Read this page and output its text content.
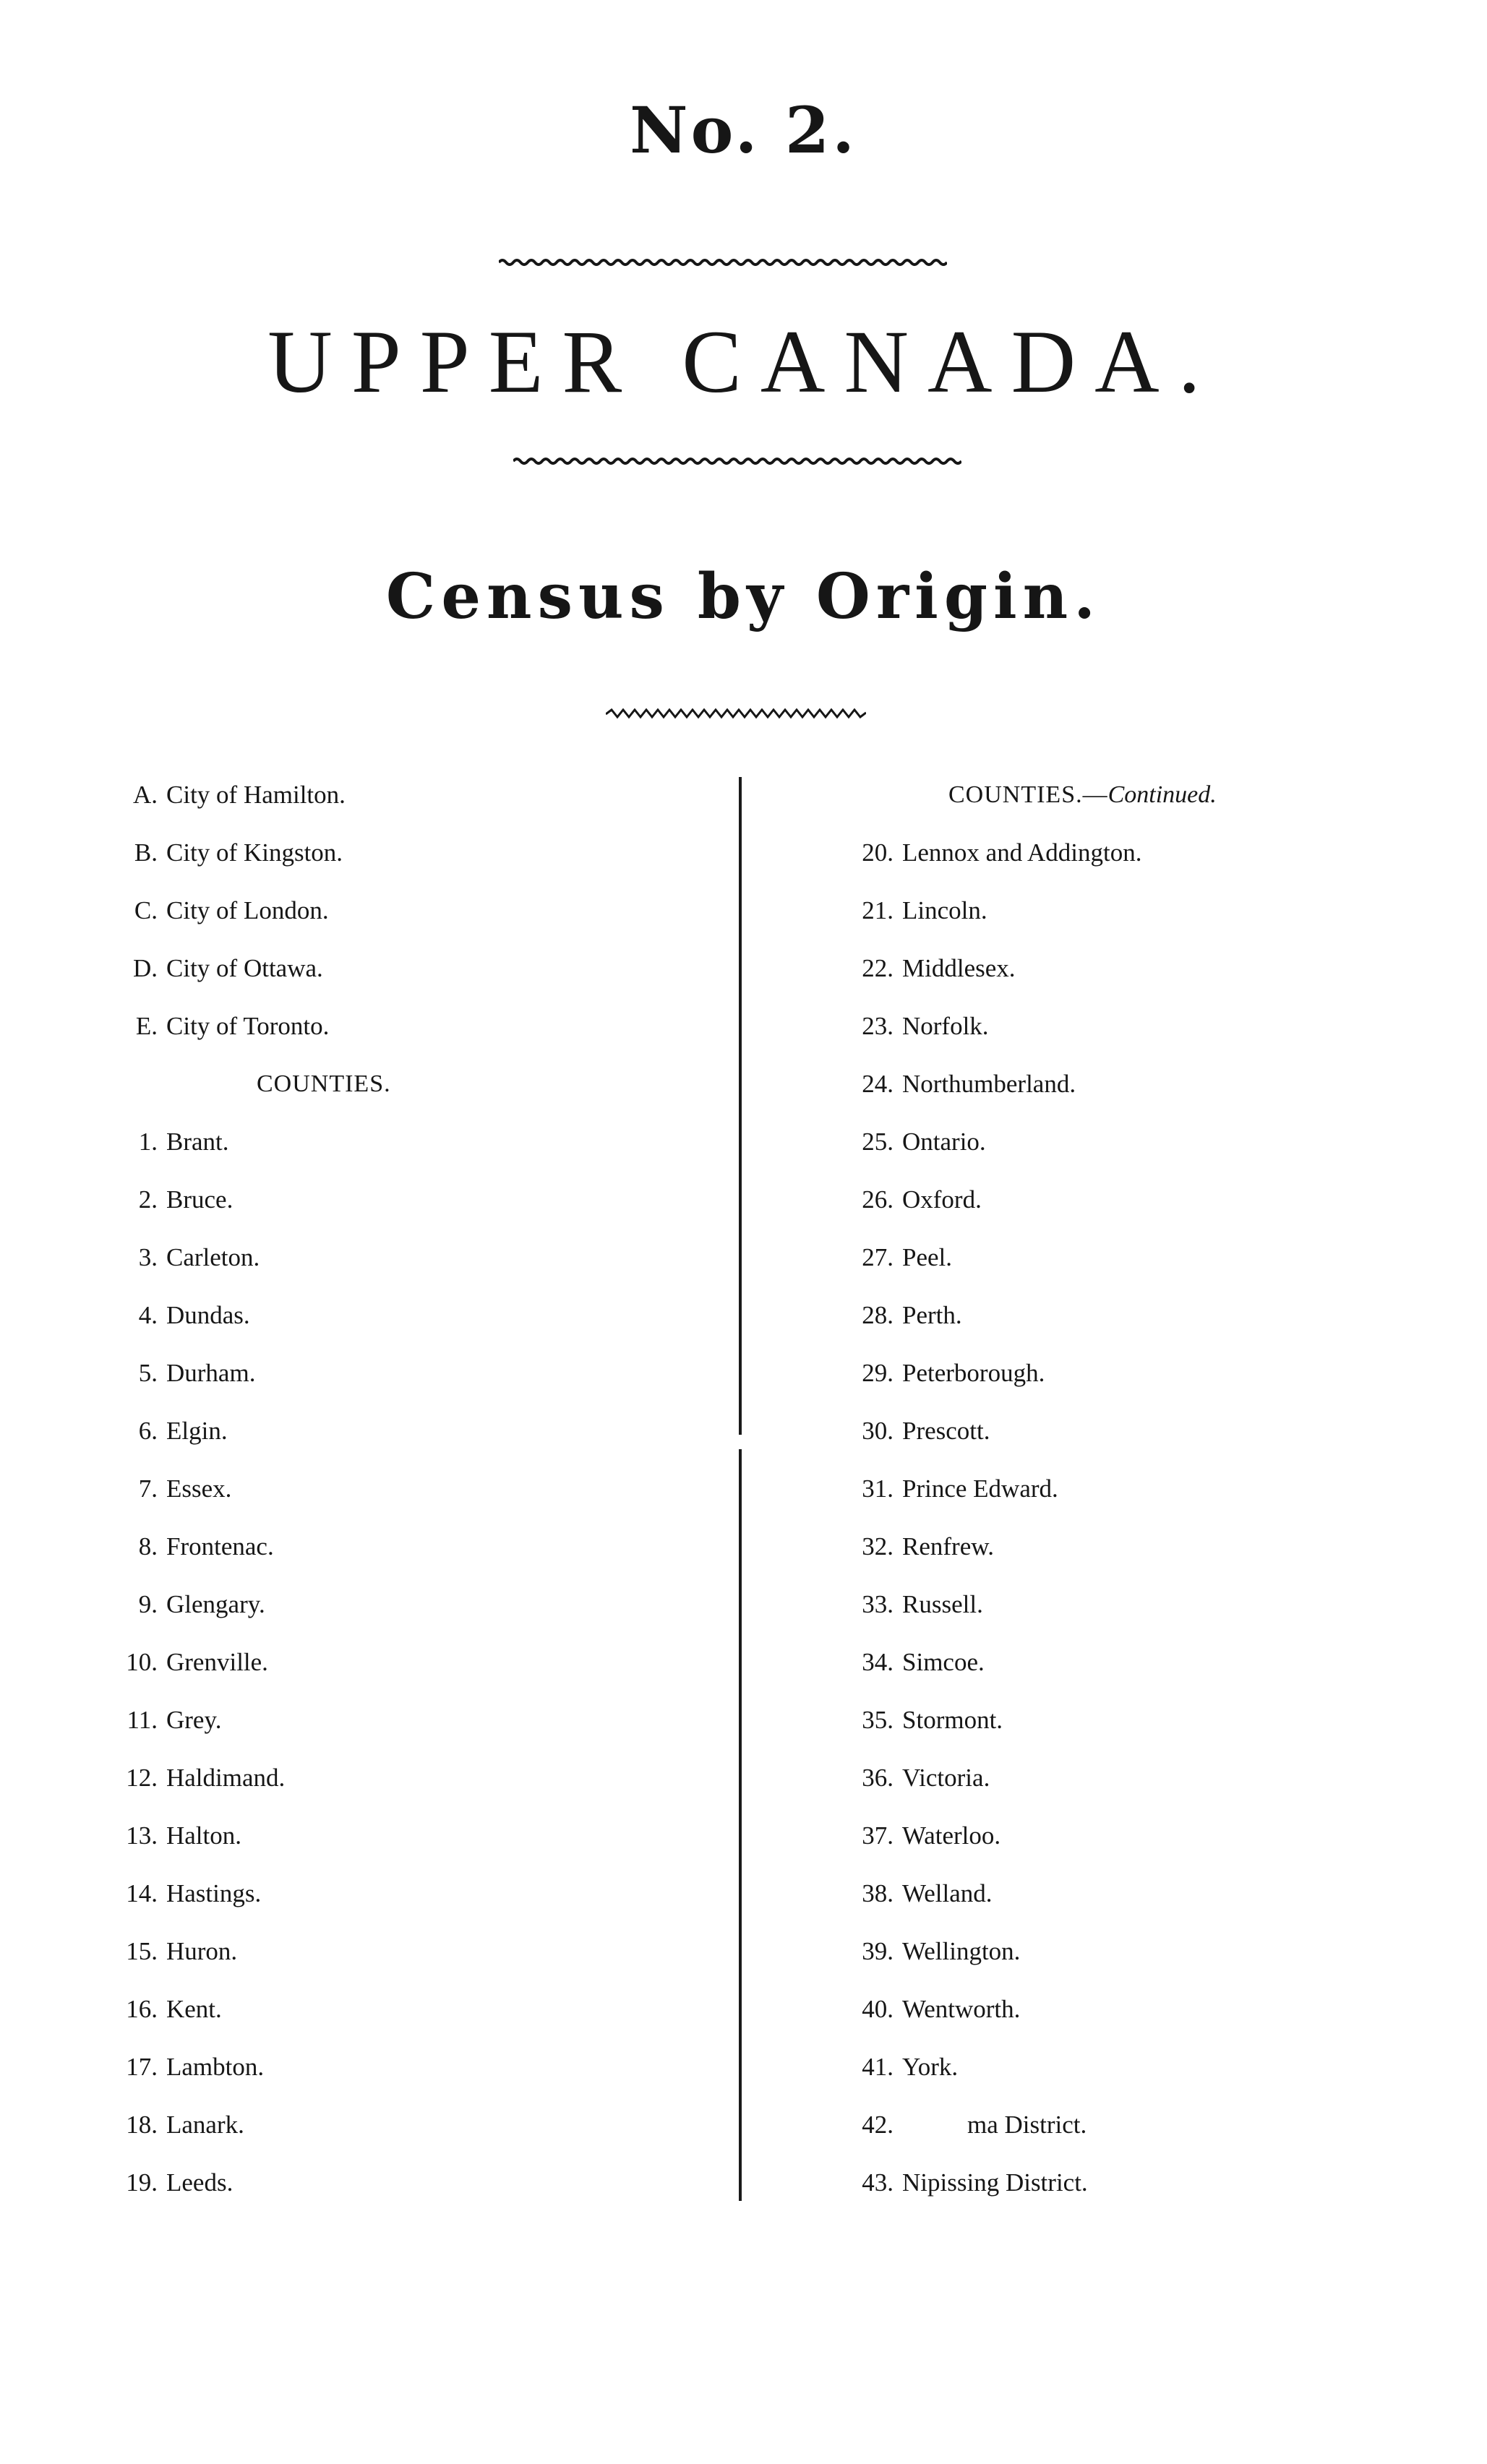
No. 2.
UPPER CANADA.
Census by Origin.
A. City of Hamilton.
B. City of Kingston.
C. City of London.
D. City of Ottawa.
E. City of Toronto.
COUNTIES.
1. Brant.
2. Bruce.
3. Carleton.
4. Dundas.
5. Durham.
6. Elgin.
7. Essex.
8. Frontenac.
9. Glengary.
10. Grenville.
11. Grey.
12. Haldimand.
13. Halton.
14. Hastings.
15. Huron.
16. Kent.
17. Lambton.
18. Lanark.
19. Leeds.
COUNTIES.—Continued.
20. Lennox and Addington.
21. Lincoln.
22. Middlesex.
23. Norfolk.
24. Northumberland.
25. Ontario.
26. Oxford.
27. Peel.
28. Perth.
29. Peterborough.
30. Prescott.
31. Prince Edward.
32. Renfrew.
33. Russell.
34. Simcoe.
35. Stormont.
36. Victoria.
37. Waterloo.
38. Welland.
39. Wellington.
40. Wentworth.
41. York.
42.	ma District.
43. Nipissing District.
